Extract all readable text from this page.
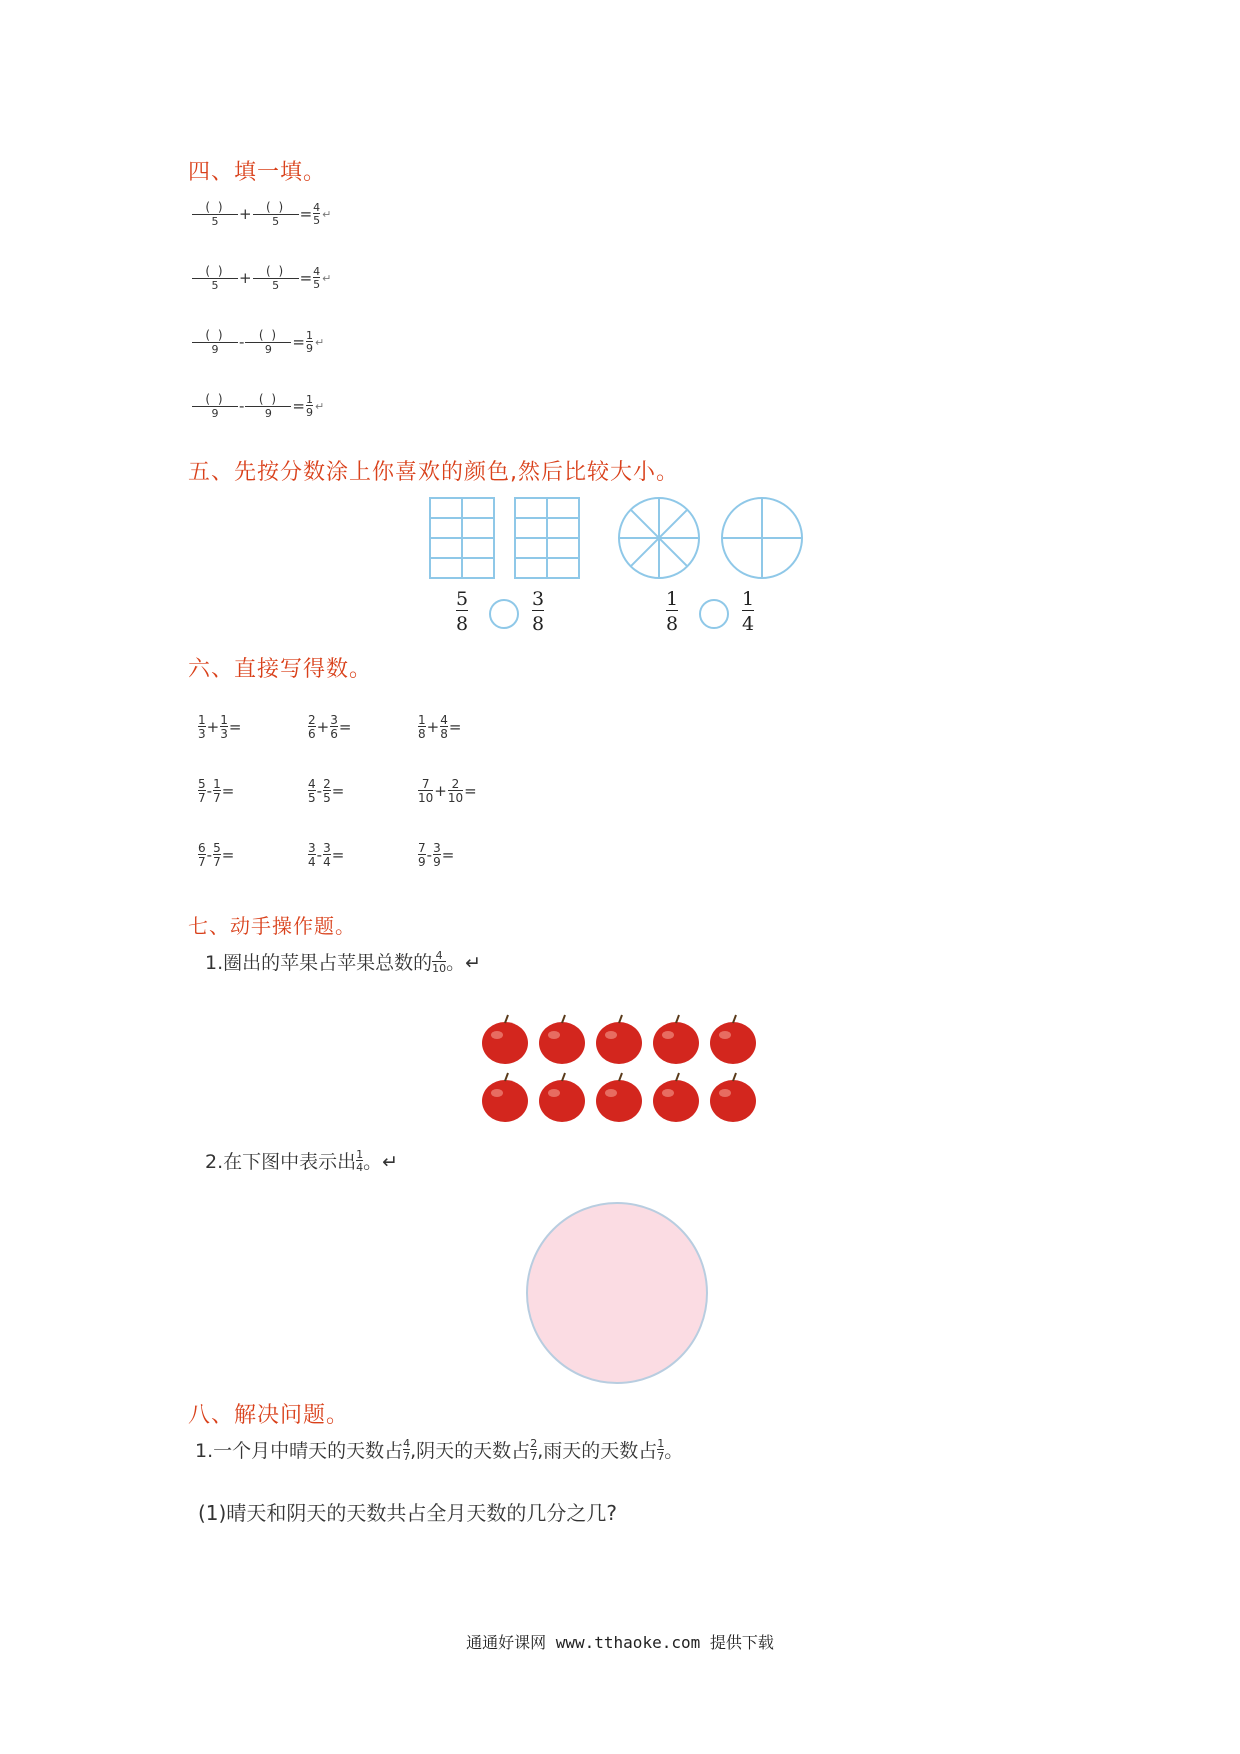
四、填一填。
( )
5	+ ( )
5	= $\frac{4}{5}$ ↵
( )
5	+ ( )
5	= $\frac{4}{5}$ ↵
( )
9	- ( )
9	= $\frac{1}{9}$ ↵
( )
9	- ( )
9	= $\frac{1}{9}$ ↵
五、先按分数涂上你喜欢的颜色,然后比较大小。
5
8
3
8
1
8
1
4
六、直接写得数。
$\frac{1}{3} + \frac{1}{3}$ =	$\frac{2}{6} + \frac{3}{6}$ =	$\frac{1}{8} + \frac{4}{8}$ =
$\frac{5}{7} - \frac{1}{7}$ =	$\frac{4}{5} - \frac{2}{5}$ =	$\frac{7}{10} + \frac{2}{10}$ =
$\frac{6}{7} - \frac{5}{7}$ =	$\frac{3}{4} - \frac{3}{4}$ =	$\frac{7}{9} - \frac{3}{9}$ =
七、动手操作题。
1.圈出的苹果占苹果总数的 $\frac{4}{10}$ 。↵
2.在下图中表示出 $\frac{1}{4}$ 。↵
八、解决问题。
1.一个月中晴天的天数占 $\frac{4}{7}$ ,阴天的天数占 $\frac{2}{7}$ ,雨天的天数占 $\frac{1}{7}$ 。
(1)晴天和阴天的天数共占全月天数的几分之几?
通通好课网 www.tthaoke.com 提供下载
